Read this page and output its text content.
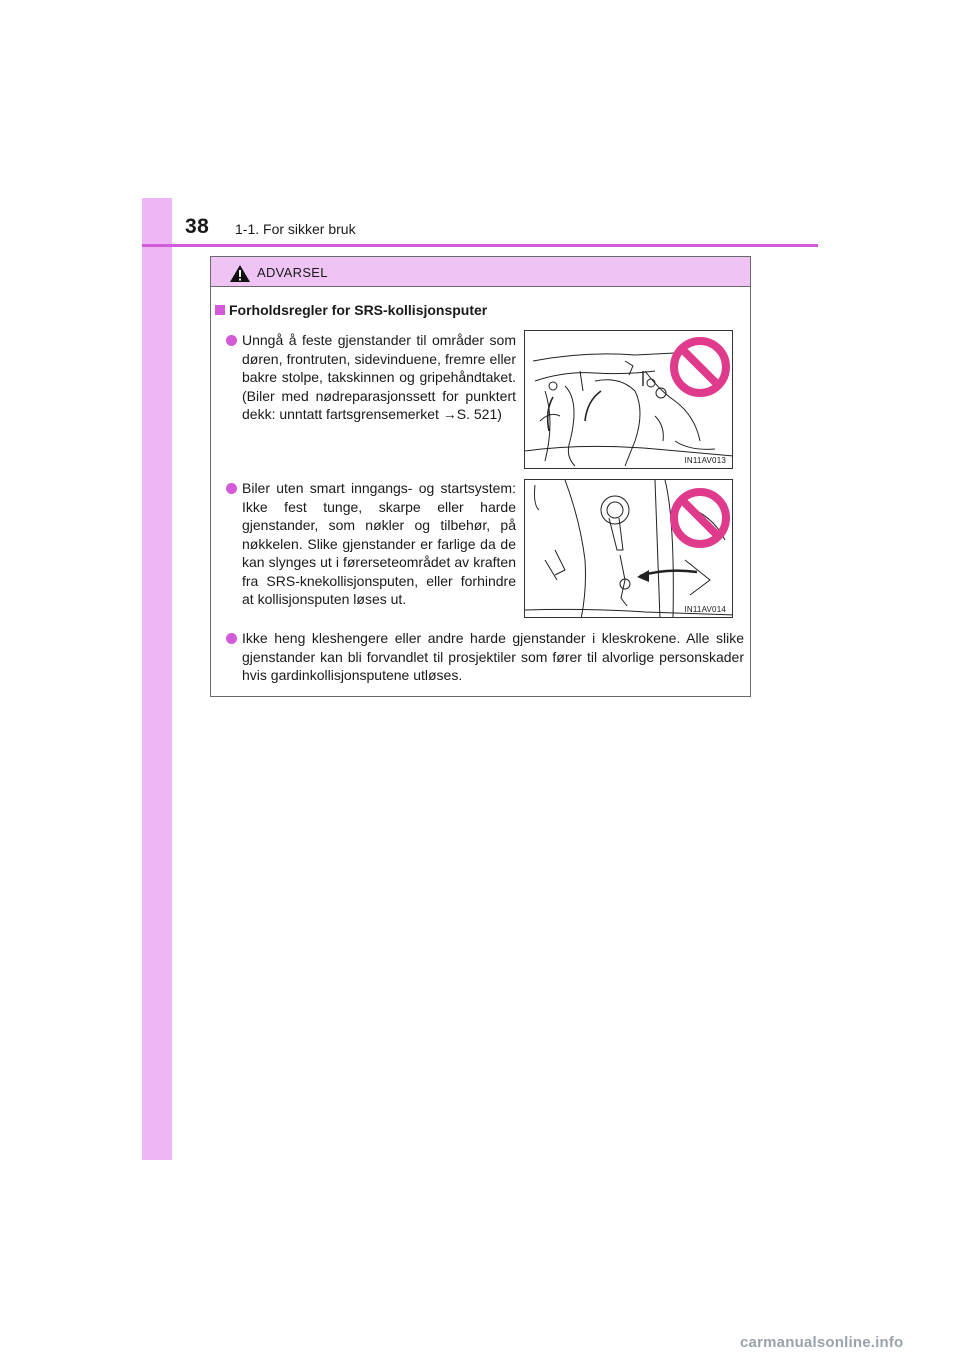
38 1-1. For sikker bruk
ADVARSEL
Forholdsregler for SRS-kollisjonsputer

Unngå å feste gjenstander til områder som døren, frontruten, sidevinduene, fremre eller bakre stolpe, takskinnen og gripehåndtaket. (Biler med nødreparasjonssett for punktert dekk: unntatt fartsgrensemerket →S. 521)

IN11AV013

Biler uten smart inngangs- og startsystem: Ikke fest tunge, skarpe eller harde gjenstander, som nøkler og tilbehør, på nøkkelen. Slike gjenstander er farlige da de kan slynges ut i førerseteområdet av kraften fra SRS-knekollisjonsputen, eller forhindre at kollisjonsputen løses ut.

IN11AV014

Ikke heng kleshengere eller andre harde gjenstander i kleskrokene. Alle slike gjenstander kan bli forvandlet til prosjektiler som fører til alvorlige personskader hvis gardinkollisjonsputene utløses.

carmanualsonline.info
